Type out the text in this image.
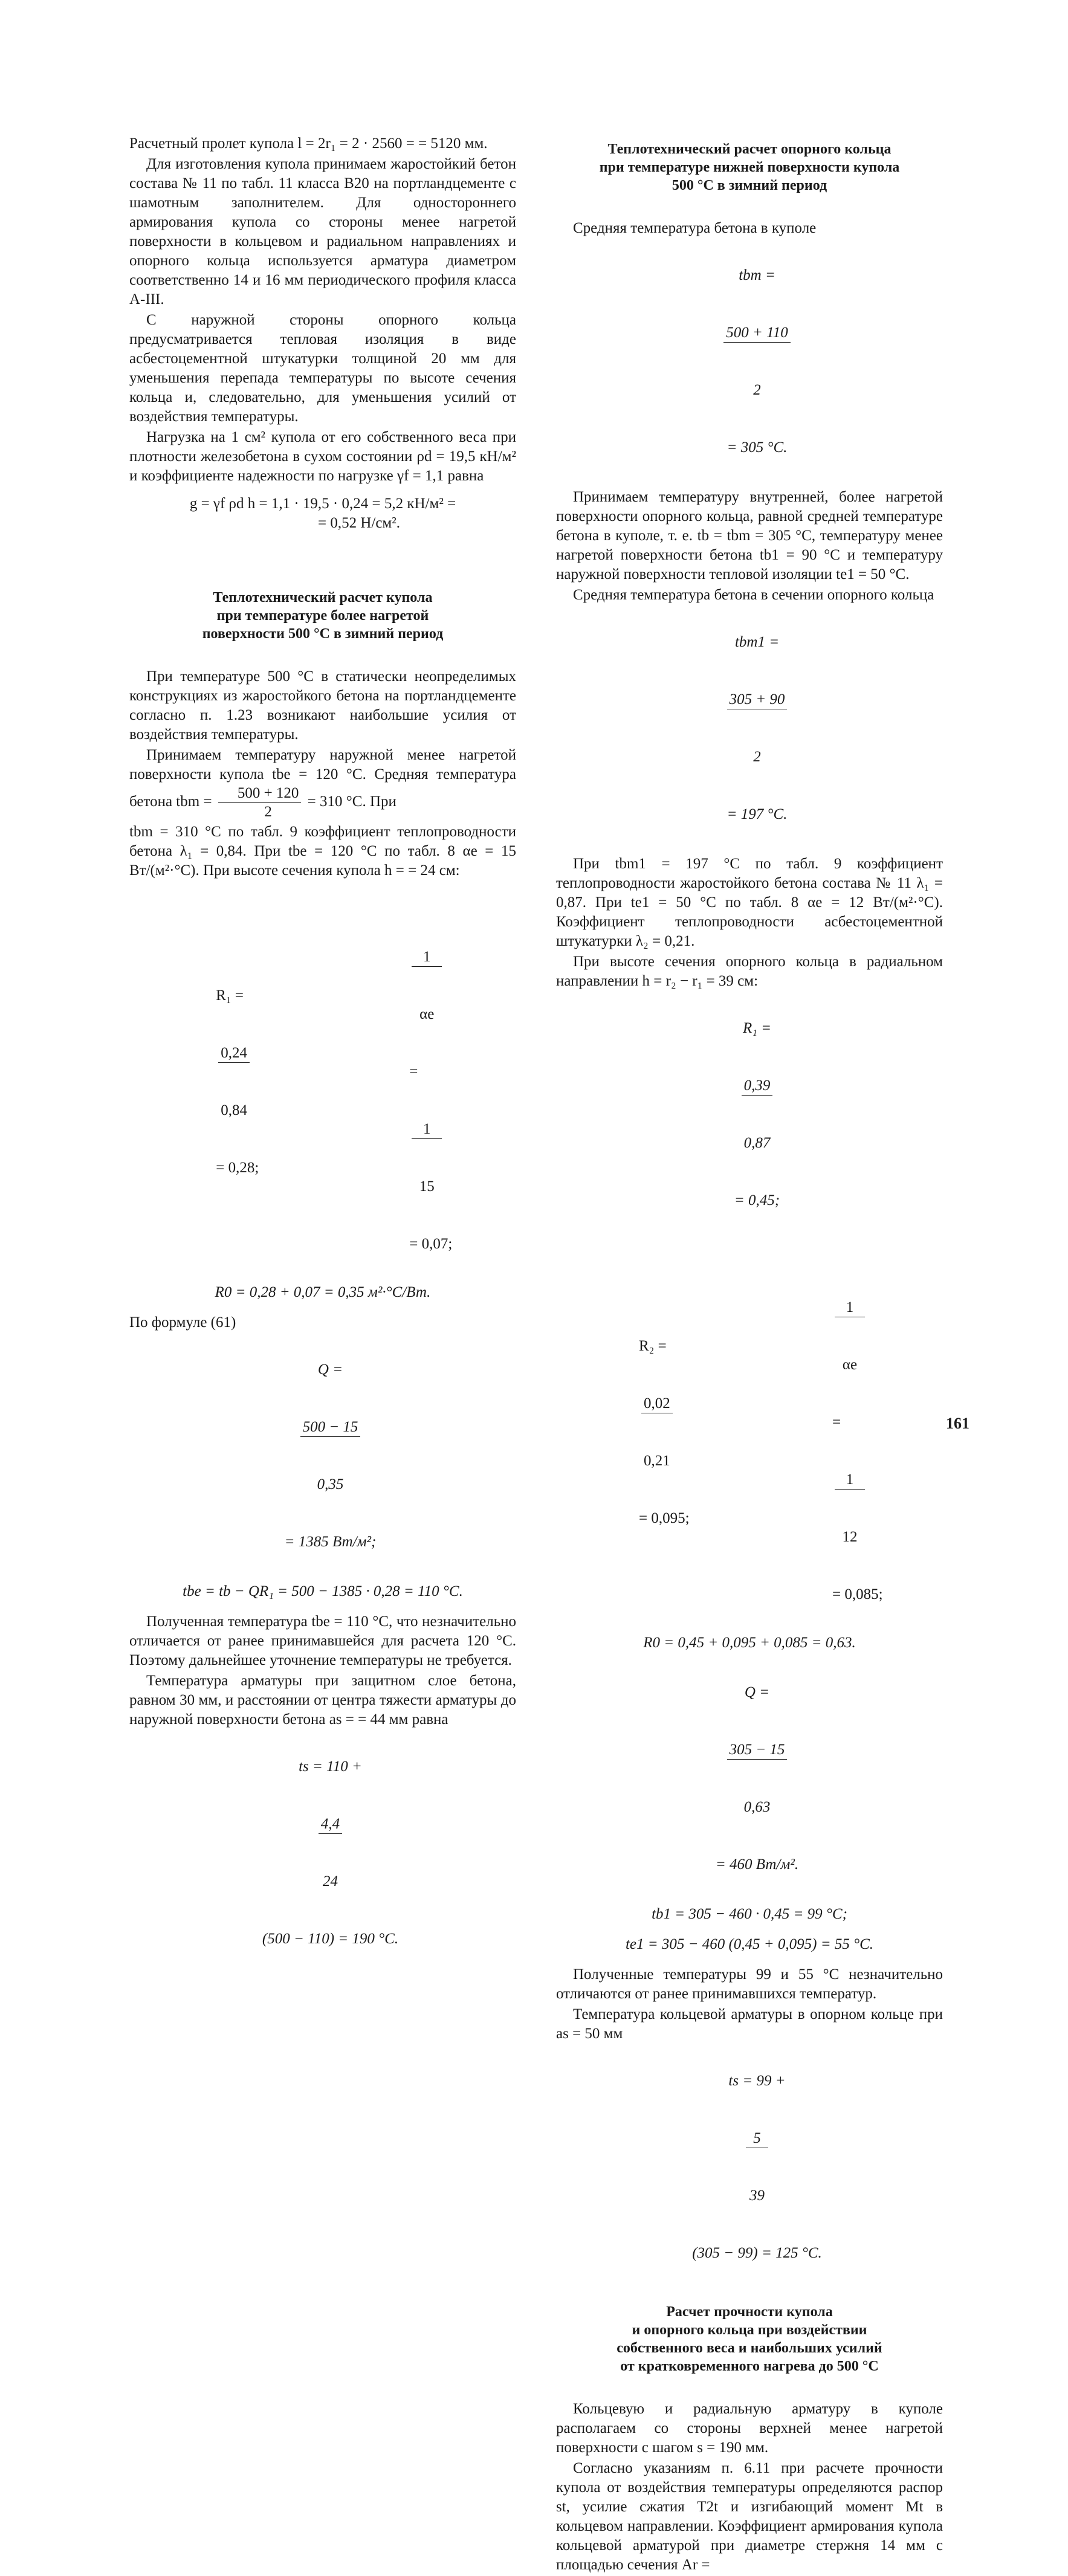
Расчетный пролет купола l = 2r₁ = 2 · 2560 = = 5120 мм.

Для изготовления купола принимаем жаростойкий бетон состава № 11 по табл. 11 класса В20 на портландцементе с шамотным заполнителем. Для одностороннего армирования купола со стороны менее нагретой поверхности в кольцевом и радиальном направлениях и опорного кольца используется арматура диаметром соответственно 14 и 16 мм периодического профиля класса А-III.

С наружной стороны опорного кольца предусматривается тепловая изоляция в виде асбестоцементной штукатурки толщиной 20 мм для уменьшения перепада температуры по высоте сечения кольца и, следовательно, для уменьшения усилий от воздействия температуры.

Нагрузка на 1 см² купола от его собственного веса при плотности железобетона в сухом состоянии ρd = 19,5 кН/м² и коэффициенте надежности по нагрузке γf = 1,1 равна

g = γf ρd h = 1,1 · 19,5 · 0,24 = 5,2 кН/м² =
= 0,52 Н/см².
Теплотехнический расчет купола
при температуре более нагретой
поверхности 500 °C в зимний период

При температуре 500 °C в статически неопределимых конструкциях из жаростойкого бетона на портландцементе согласно п. 1.23 возникают наибольшие усилия от воздействия температуры.

Принимаем температуру наружной менее нагретой поверхности купола tbe = 120 °C. Средняя температура бетона tbm = $\frac{500 + 120}{2} = 310$ °C. При

tbm = 310 °C по табл. 9 коэффициент теплопроводности бетона λ₁ = 0,84. При tbe = 120 °C по табл. 8 αe = 15 Вт/(м²·°C). При высоте сечения купола h = = 24 см:

R₁ =

$\frac{0,24}{0,84}$

= 0,28;

$\frac{1}{\alpha e}$

=

$\frac{1}{15}$

= 0,07;

R0 = 0,28 + 0,07 = 0,35 м²·°C/Вт.

По формуле (61)

Q =

$\frac{500 - 15}{0,35}$

= 1385 Вт/м²;

tbe = tb − QR₁ = 500 − 1385 · 0,28 = 110 °C.

Полученная температура tbe = 110 °C, что незначительно отличается от ранее принимавшейся для расчета 120 °C. Поэтому дальнейшее уточнение температуры не требуется.

Температура арматуры при защитном слое бетона, равном 30 мм, и расстоянии от центра тяжести арматуры до наружной поверхности бетона as = = 44 мм равна

ts = 110 +

$\frac{4,4}{24}$

(500 − 110) = 190 °C.

Теплотехнический расчет опорного кольца
при температуре нижней поверхности купола
500 °C в зимний период

Средняя температура бетона в куполе

tbm =

$\frac{500 + 110}{2}$

= 305 °C.

Принимаем температуру внутренней, более нагретой поверхности опорного кольца, равной средней температуре бетона в куполе, т. е. tb = tbm = 305 °C, температуру менее нагретой поверхности бетона tb1 = 90 °C и температуру наружной поверхности тепловой изоляции te1 = 50 °C.

Средняя температура бетона в сечении опорного кольца

tbm1 =

$\frac{305 + 90}{2}$

= 197 °C.

При tbm1 = 197 °C по табл. 9 коэффициент теплопроводности жаростойкого бетона состава № 11 λ₁ = 0,87. При te1 = 50 °C по табл. 8 αe = 12 Вт/(м²·°C). Коэффициент теплопроводности асбестоцементной штукатурки λ₂ = 0,21.

При высоте сечения опорного кольца в радиальном направлении h = r₂ − r₁ = 39 см:

R₁ =

$\frac{0,39}{0,87}$

= 0,45;

R₂ =

$\frac{0,02}{0,21}$

= 0,095;

$\frac{1}{\alpha e}$

=

$\frac{1}{12}$

= 0,085;

R0 = 0,45 + 0,095 + 0,085 = 0,63.

Q =

$\frac{305 - 15}{0,63}$

= 460 Вт/м².

tb1 = 305 − 460 · 0,45 = 99 °C;
te1 = 305 − 460 (0,45 + 0,095) = 55 °C.

Полученные температуры 99 и 55 °C незначительно отличаются от ранее принимавшихся температур.

Температура кольцевой арматуры в опорном кольце при as = 50 мм

ts = 99 +

$\frac{5}{39}$

(305 − 99) = 125 °C.

Расчет прочности купола
и опорного кольца при воздействии
собственного веса и наибольших усилий
от кратковременного нагрева до 500 °C

Кольцевую и радиальную арматуру в куполе располагаем со стороны верхней менее нагретой поверхности с шагом s = 190 мм.

Согласно указаниям п. 6.11 при расчете прочности купола от воздействия температуры определяются распор st, усилие сжатия T2t и изгибающий момент Mt в кольцевом направлении. Коэффициент армирования купола кольцевой арматурой при диаметре стержня 14 мм с площадью сечения Ar =

161
